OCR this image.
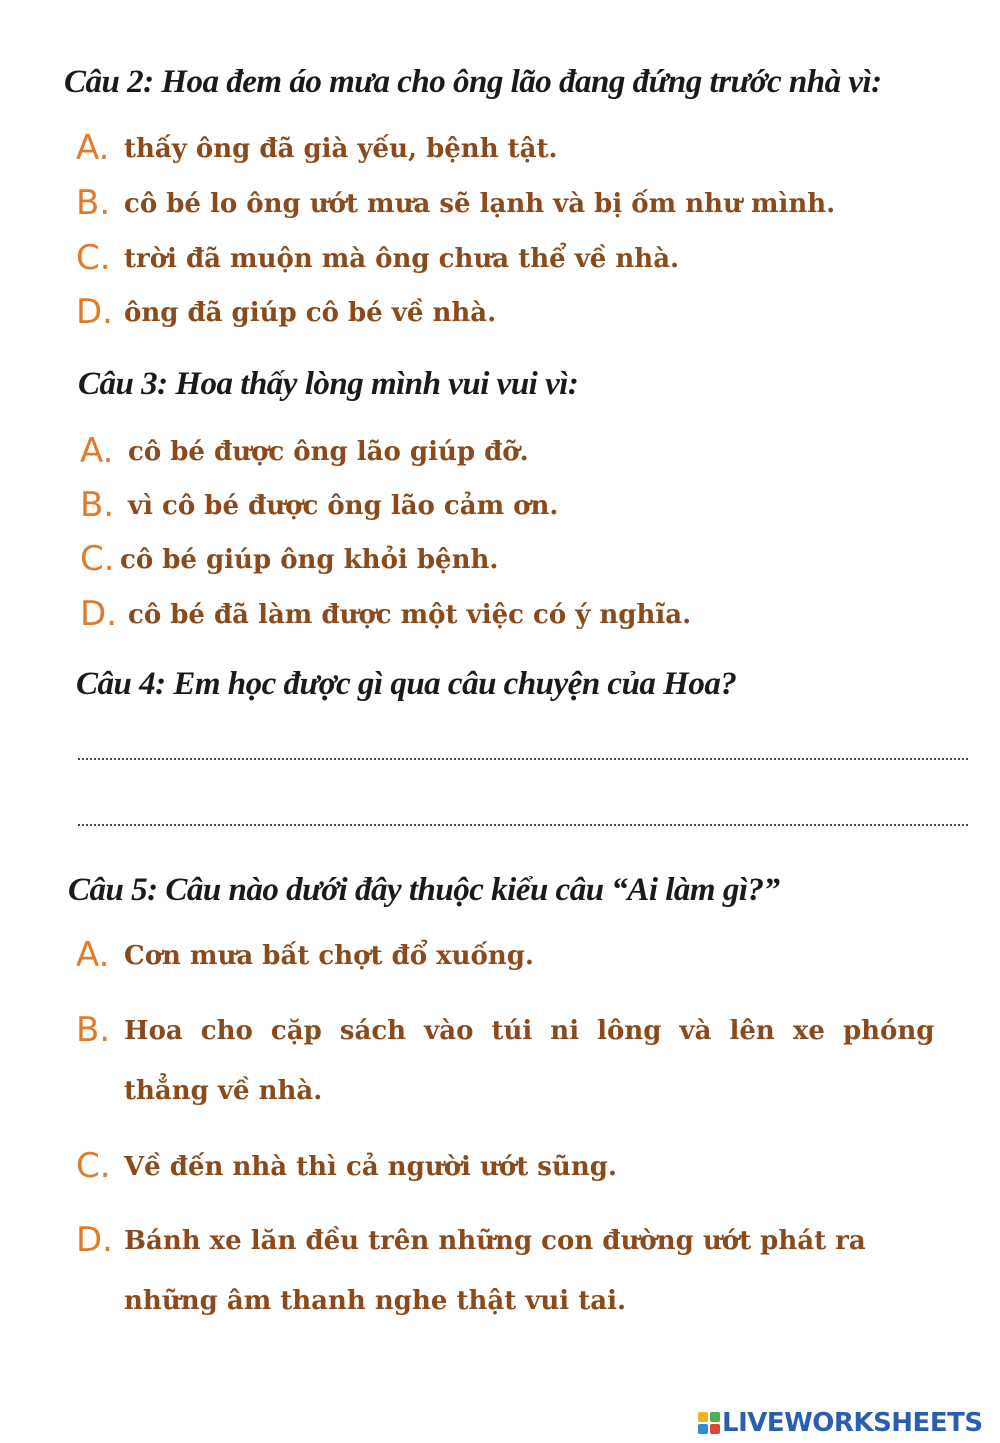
Câu 2: Hoa đem áo mưa cho ông lão đang đứng trước nhà vì:
A. thấy ông đã già yếu, bệnh tật.
B. cô bé lo ông ướt mưa sẽ lạnh và bị ốm như mình.
C. trời đã muộn mà ông chưa thể về nhà.
D. ông đã giúp cô bé về nhà.
Câu 3: Hoa thấy lòng mình vui vui vì:
A. cô bé được ông lão giúp đỡ.
B. vì cô bé được ông lão cảm ơn.
C. cô bé giúp ông khỏi bệnh.
D. cô bé đã làm được một việc có ý nghĩa.
Câu 4: Em học được gì qua câu chuyện của Hoa?
Câu 5: Câu nào dưới đây thuộc kiểu câu “Ai làm gì?”
A. Cơn mưa bất chợt đổ xuống.
B. Hoa cho cặp sách vào túi ni lông và lên xe phóng
thẳng về nhà.
C. Về đến nhà thì cả người ướt sũng.
D. Bánh xe lăn đều trên những con đường ướt phát ra
những âm thanh nghe thật vui tai.
LIVEWORKSHEETS
